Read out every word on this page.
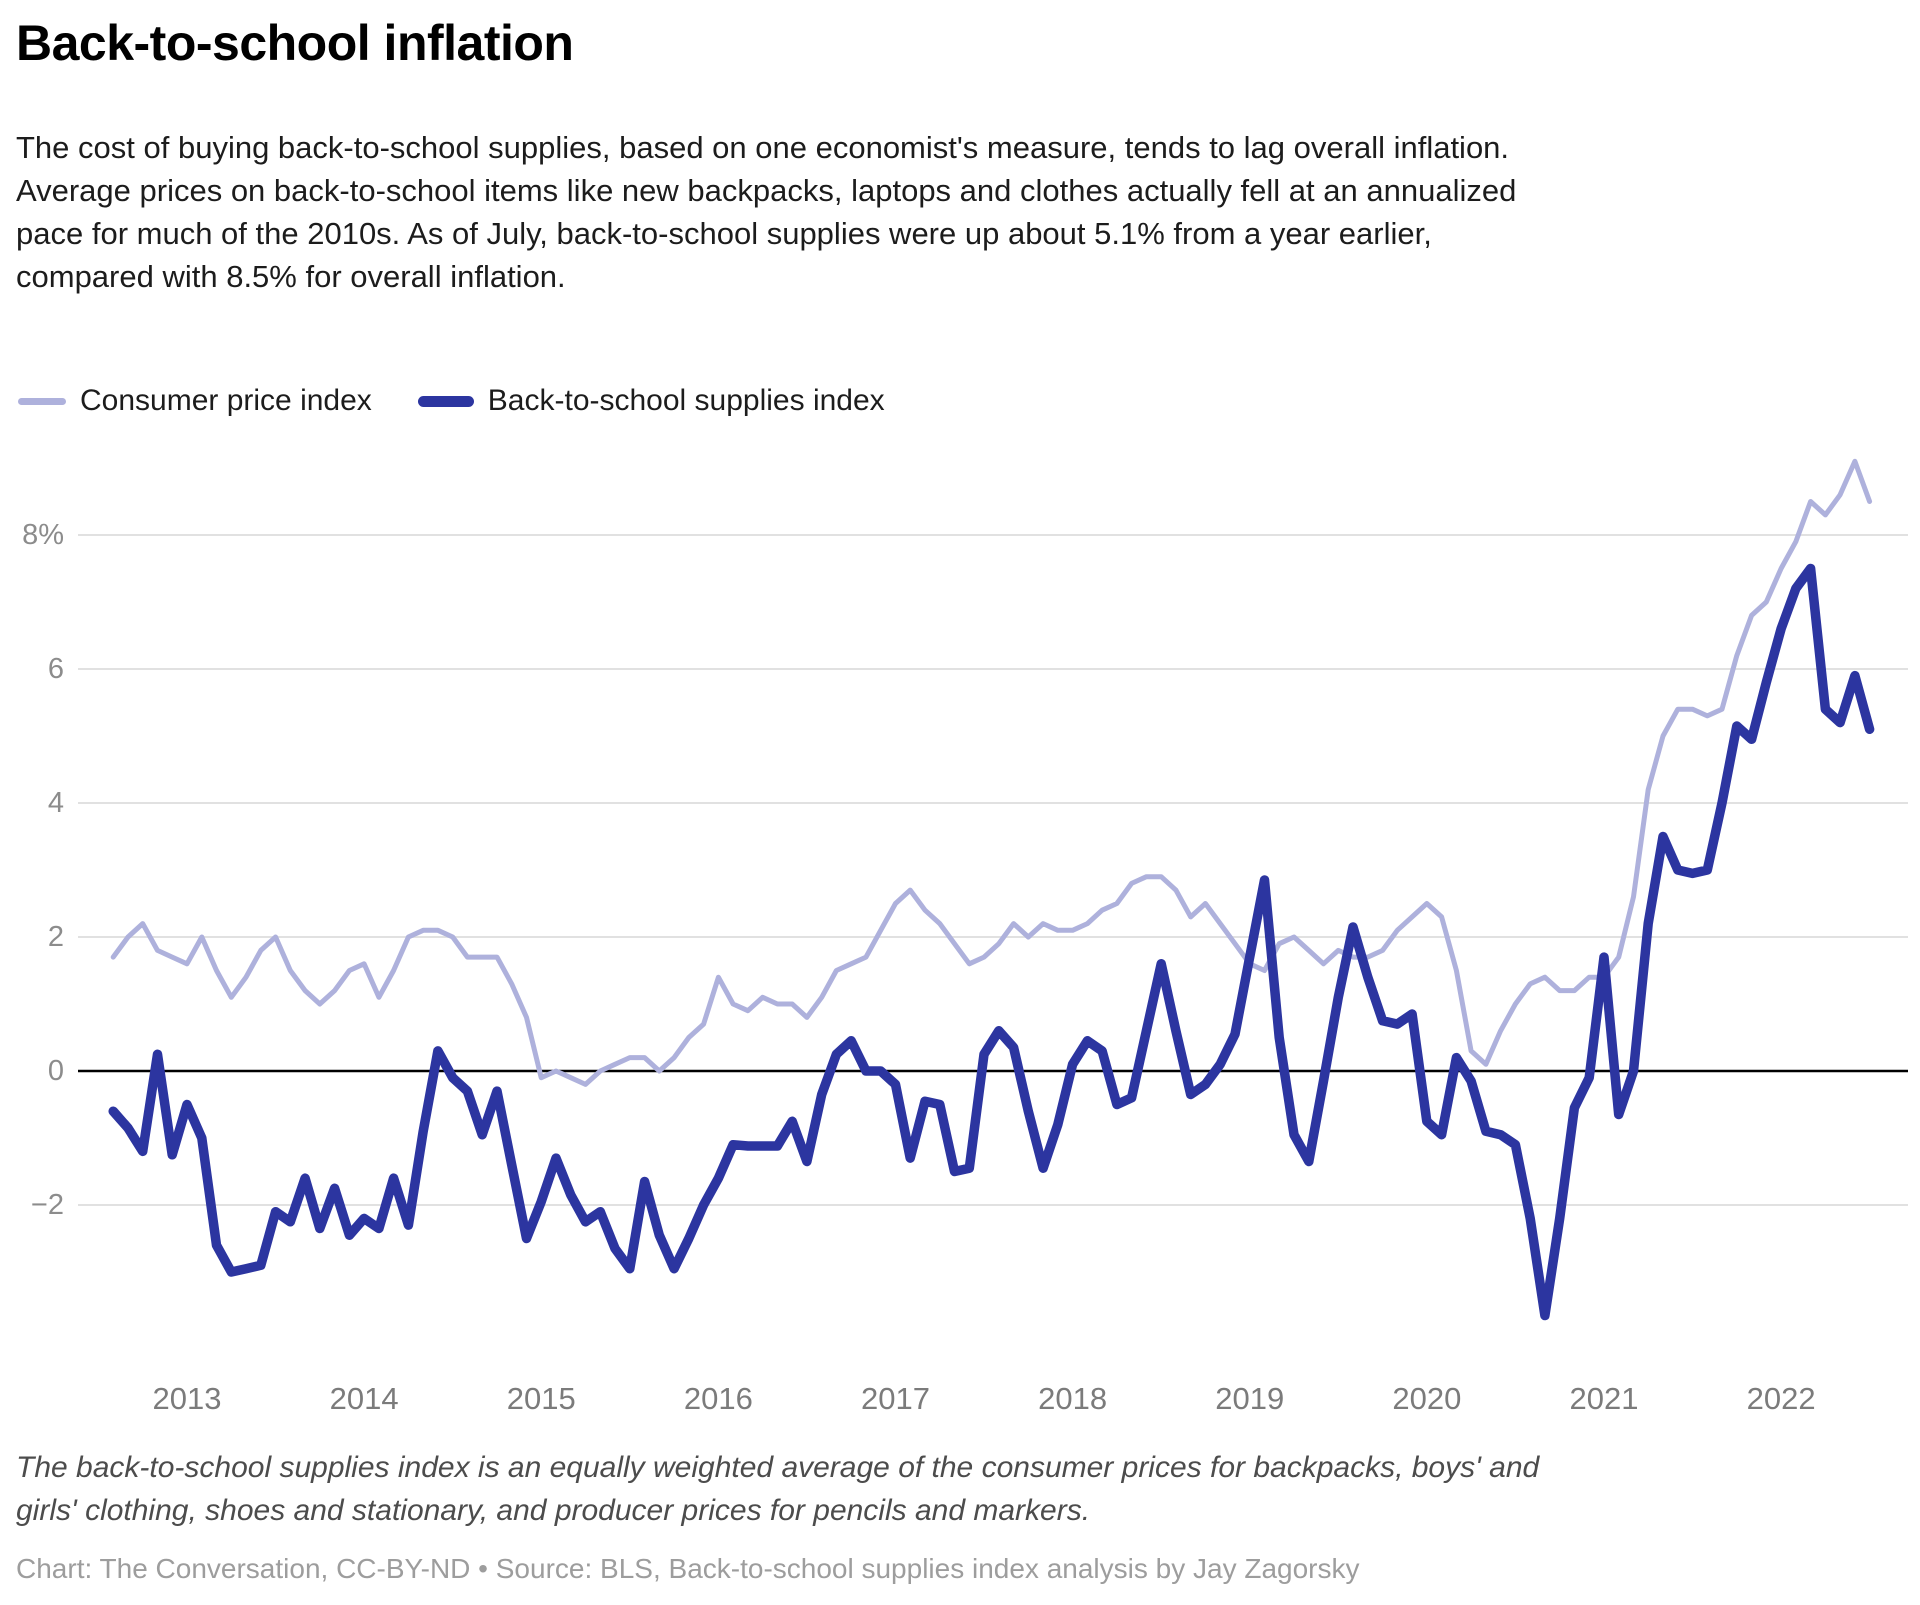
Back-to-school inflation
The cost of buying back-to-school supplies, based on one economist's measure, tends to lag overall inflation. Average prices on back-to-school items like new backpacks, laptops and clothes actually fell at an annualized pace for much of the 2010s. As of July, back-to-school supplies were up about 5.1% from a year earlier, compared with 8.5% for overall inflation.
Consumer price index	Back-to-school supplies index
8%
6
4
2
0
−2
2013	2014	2015	2016	2017	2018	2019	2020	2021	2022
The back-to-school supplies index is an equally weighted average of the consumer prices for backpacks, boys' and girls' clothing, shoes and stationary, and producer prices for pencils and markers.
Chart: The Conversation, CC-BY-ND • Source: BLS, Back-to-school supplies index analysis by Jay Zagorsky
